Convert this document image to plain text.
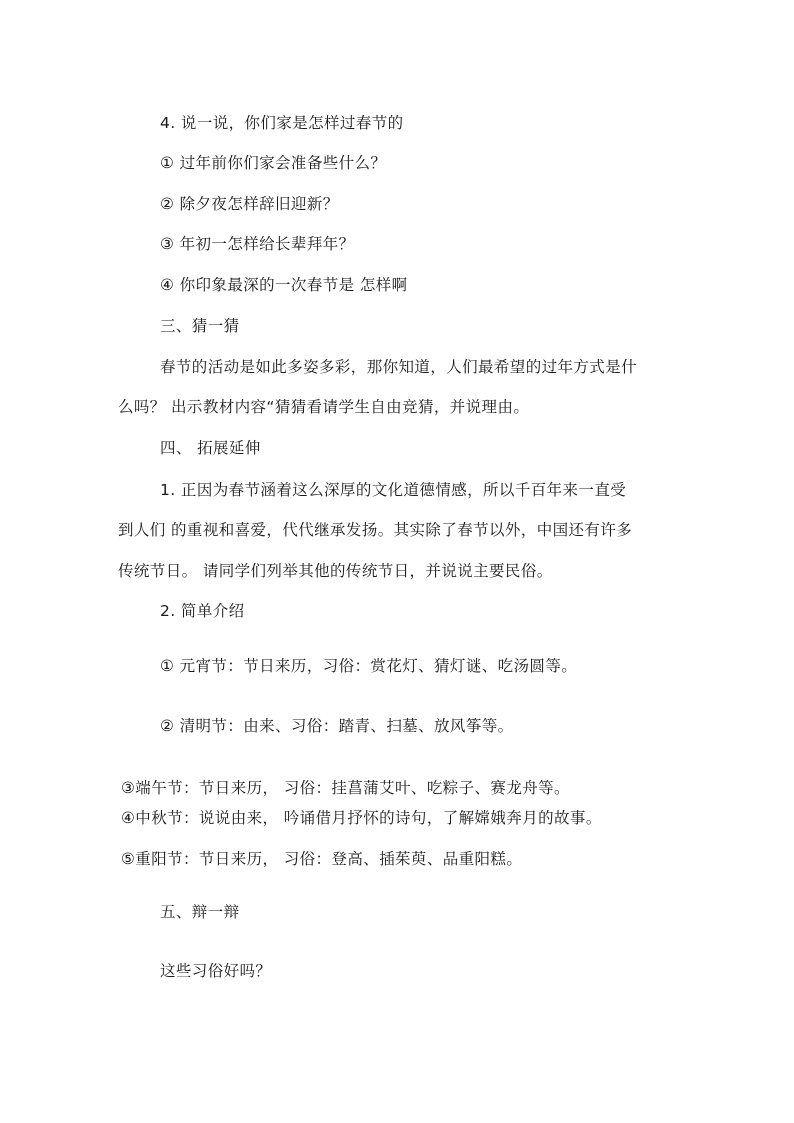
4. 说一说，你们家是怎样过春节的
① 过年前你们家会准备些什么？
② 除夕夜怎样辞旧迎新？
③ 年初一怎样给长辈拜年？
④ 你印象最深的一次春节是 怎样啊
三、猜一猜
春节的活动是如此多姿多彩，那你知道，人们最希望的过年方式是什
么吗？ 出示教材内容“猜猜看请学生自由竞猜，并说理由。
四、 拓展延伸
1. 正因为春节涵着这么深厚的文化道德情感，所以千百年来一直受
到人们 的重视和喜爱，代代继承发扬。其实除了春节以外，中国还有许多
传统节日。 请同学们列举其他的传统节日，并说说主要民俗。
2. 简单介绍
① 元宵节：节日来历，习俗：赏花灯、猜灯谜、吃汤圆等。
② 清明节：由来、习俗：踏青、扫墓、放风筝等。
③端午节：节日来历， 习俗：挂菖蒲艾叶、吃粽子、赛龙舟等。
④中秋节：说说由来， 吟诵借月抒怀的诗句，了解嫦娥奔月的故事。
⑤重阳节：节日来历， 习俗：登高、插茱萸、品重阳糕。
五、辩一辩
这些习俗好吗？
